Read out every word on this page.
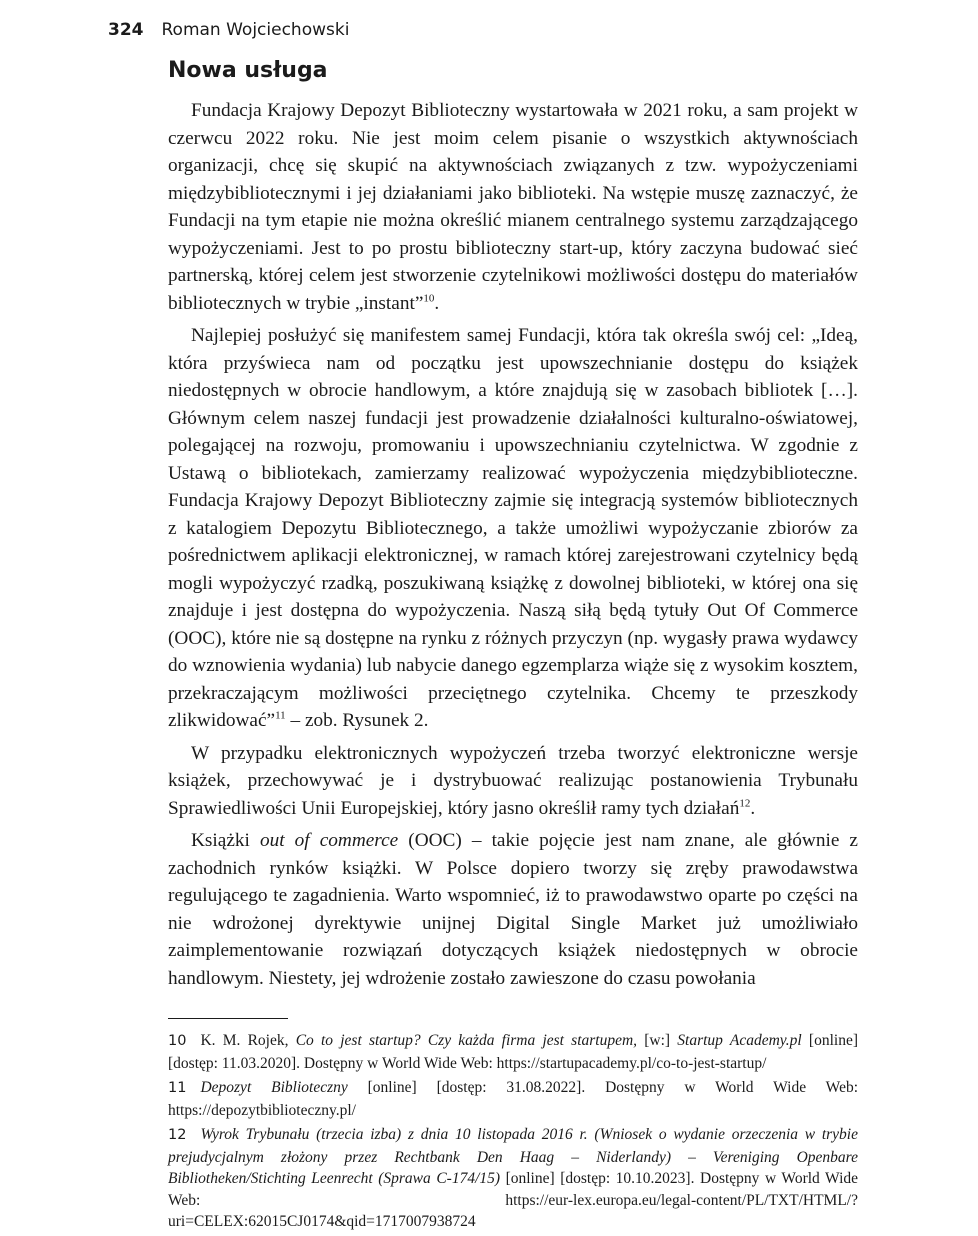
324 Roman Wojciechowski
Nowa usługa

Fundacja Krajowy Depozyt Biblioteczny wystartowała w 2021 roku, a sam projekt w czerwcu 2022 roku. Nie jest moim celem pisanie o wszystkich aktywnościach organizacji, chcę się skupić na aktywnościach związanych z tzw. wypożyczeniami międzybibliotecznymi i jej działaniami jako biblioteki. Na wstępie muszę zaznaczyć, że Fundacji na tym etapie nie można określić mianem centralnego systemu zarządzającego wypożyczeniami. Jest to po prostu biblioteczny start-up, który zaczyna budować sieć partnerską, której celem jest stworzenie czytelnikowi możliwości dostępu do materiałów bibliotecznych w trybie „instant”$^{10}$.

Najlepiej posłużyć się manifestem samej Fundacji, która tak określa swój cel: „Ideą, która przyświeca nam od początku jest upowszechnianie dostępu do książek niedostępnych w obrocie handlowym, a które znajdują się w zasobach bibliotek […]. Głównym celem naszej fundacji jest prowadzenie działalności kulturalno-oświatowej, polegającej na rozwoju, promowaniu i upowszechnianiu czytelnictwa. W zgodnie z Ustawą o bibliotekach, zamierzamy realizować wypożyczenia międzybiblioteczne. Fundacja Krajowy Depozyt Biblioteczny zajmie się integracją systemów bibliotecznych z katalogiem Depozytu Bibliotecznego, a także umożliwi wypożyczanie zbiorów za pośrednictwem aplikacji elektronicznej, w ramach której zarejestrowani czytelnicy będą mogli wypożyczyć rzadką, poszukiwaną książkę z dowolnej biblioteki, w której ona się znajduje i jest dostępna do wypożyczenia. Naszą siłą będą tytuły Out Of Commerce (OOC), które nie są dostępne na rynku z różnych przyczyn (np. wygasły prawa wydawcy do wznowienia wydania) lub nabycie danego egzemplarza wiąże się z wysokim kosztem, przekraczającym możliwości przeciętnego czytelnika. Chcemy te przeszkody zlikwidować”$^{11}$ – zob. Rysunek 2.

W przypadku elektronicznych wypożyczeń trzeba tworzyć elektroniczne wersje książek, przechowywać je i dystrybuować realizując postanowienia Trybunału Sprawiedliwości Unii Europejskiej, który jasno określił ramy tych działań$^{12}$.

Książki out of commerce (OOC) – takie pojęcie jest nam znane, ale głównie z zachodnich rynków książki. W Polsce dopiero tworzy się zręby prawodawstwa regulującego te zagadnienia. Warto wspomnieć, iż to prawodawstwo oparte po części na nie wdrożonej dyrektywie unijnej Digital Single Market już umożliwiało zaimplementowanie rozwiązań dotyczących książek niedostępnych w obrocie handlowym. Niestety, jej wdrożenie zostało zawieszone do czasu powołania

10 K. M. Rojek, Co to jest startup? Czy każda firma jest startupem, [w:] Startup Academy.pl [online] [dostęp: 11.03.2020]. Dostępny w World Wide Web: https://startupacademy.pl/co-to-jest-startup/

11 Depozyt Biblioteczny [online] [dostęp: 31.08.2022]. Dostępny w World Wide Web: https://depozytbiblioteczny.pl/

12 Wyrok Trybunału (trzecia izba) z dnia 10 listopada 2016 r. (Wniosek o wydanie orzeczenia w trybie prejudycjalnym złożony przez Rechtbank Den Haag – Niderlandy) – Vereniging Openbare Bibliotheken/Stichting Leenrecht (Sprawa C-174/15) [online] [dostęp: 10.10.2023]. Dostępny w World Wide Web: https://eur-lex.europa.eu/legal-content/PL/TXT/HTML/?uri=CELEX:62015CJ0174&qid=1717007938724
